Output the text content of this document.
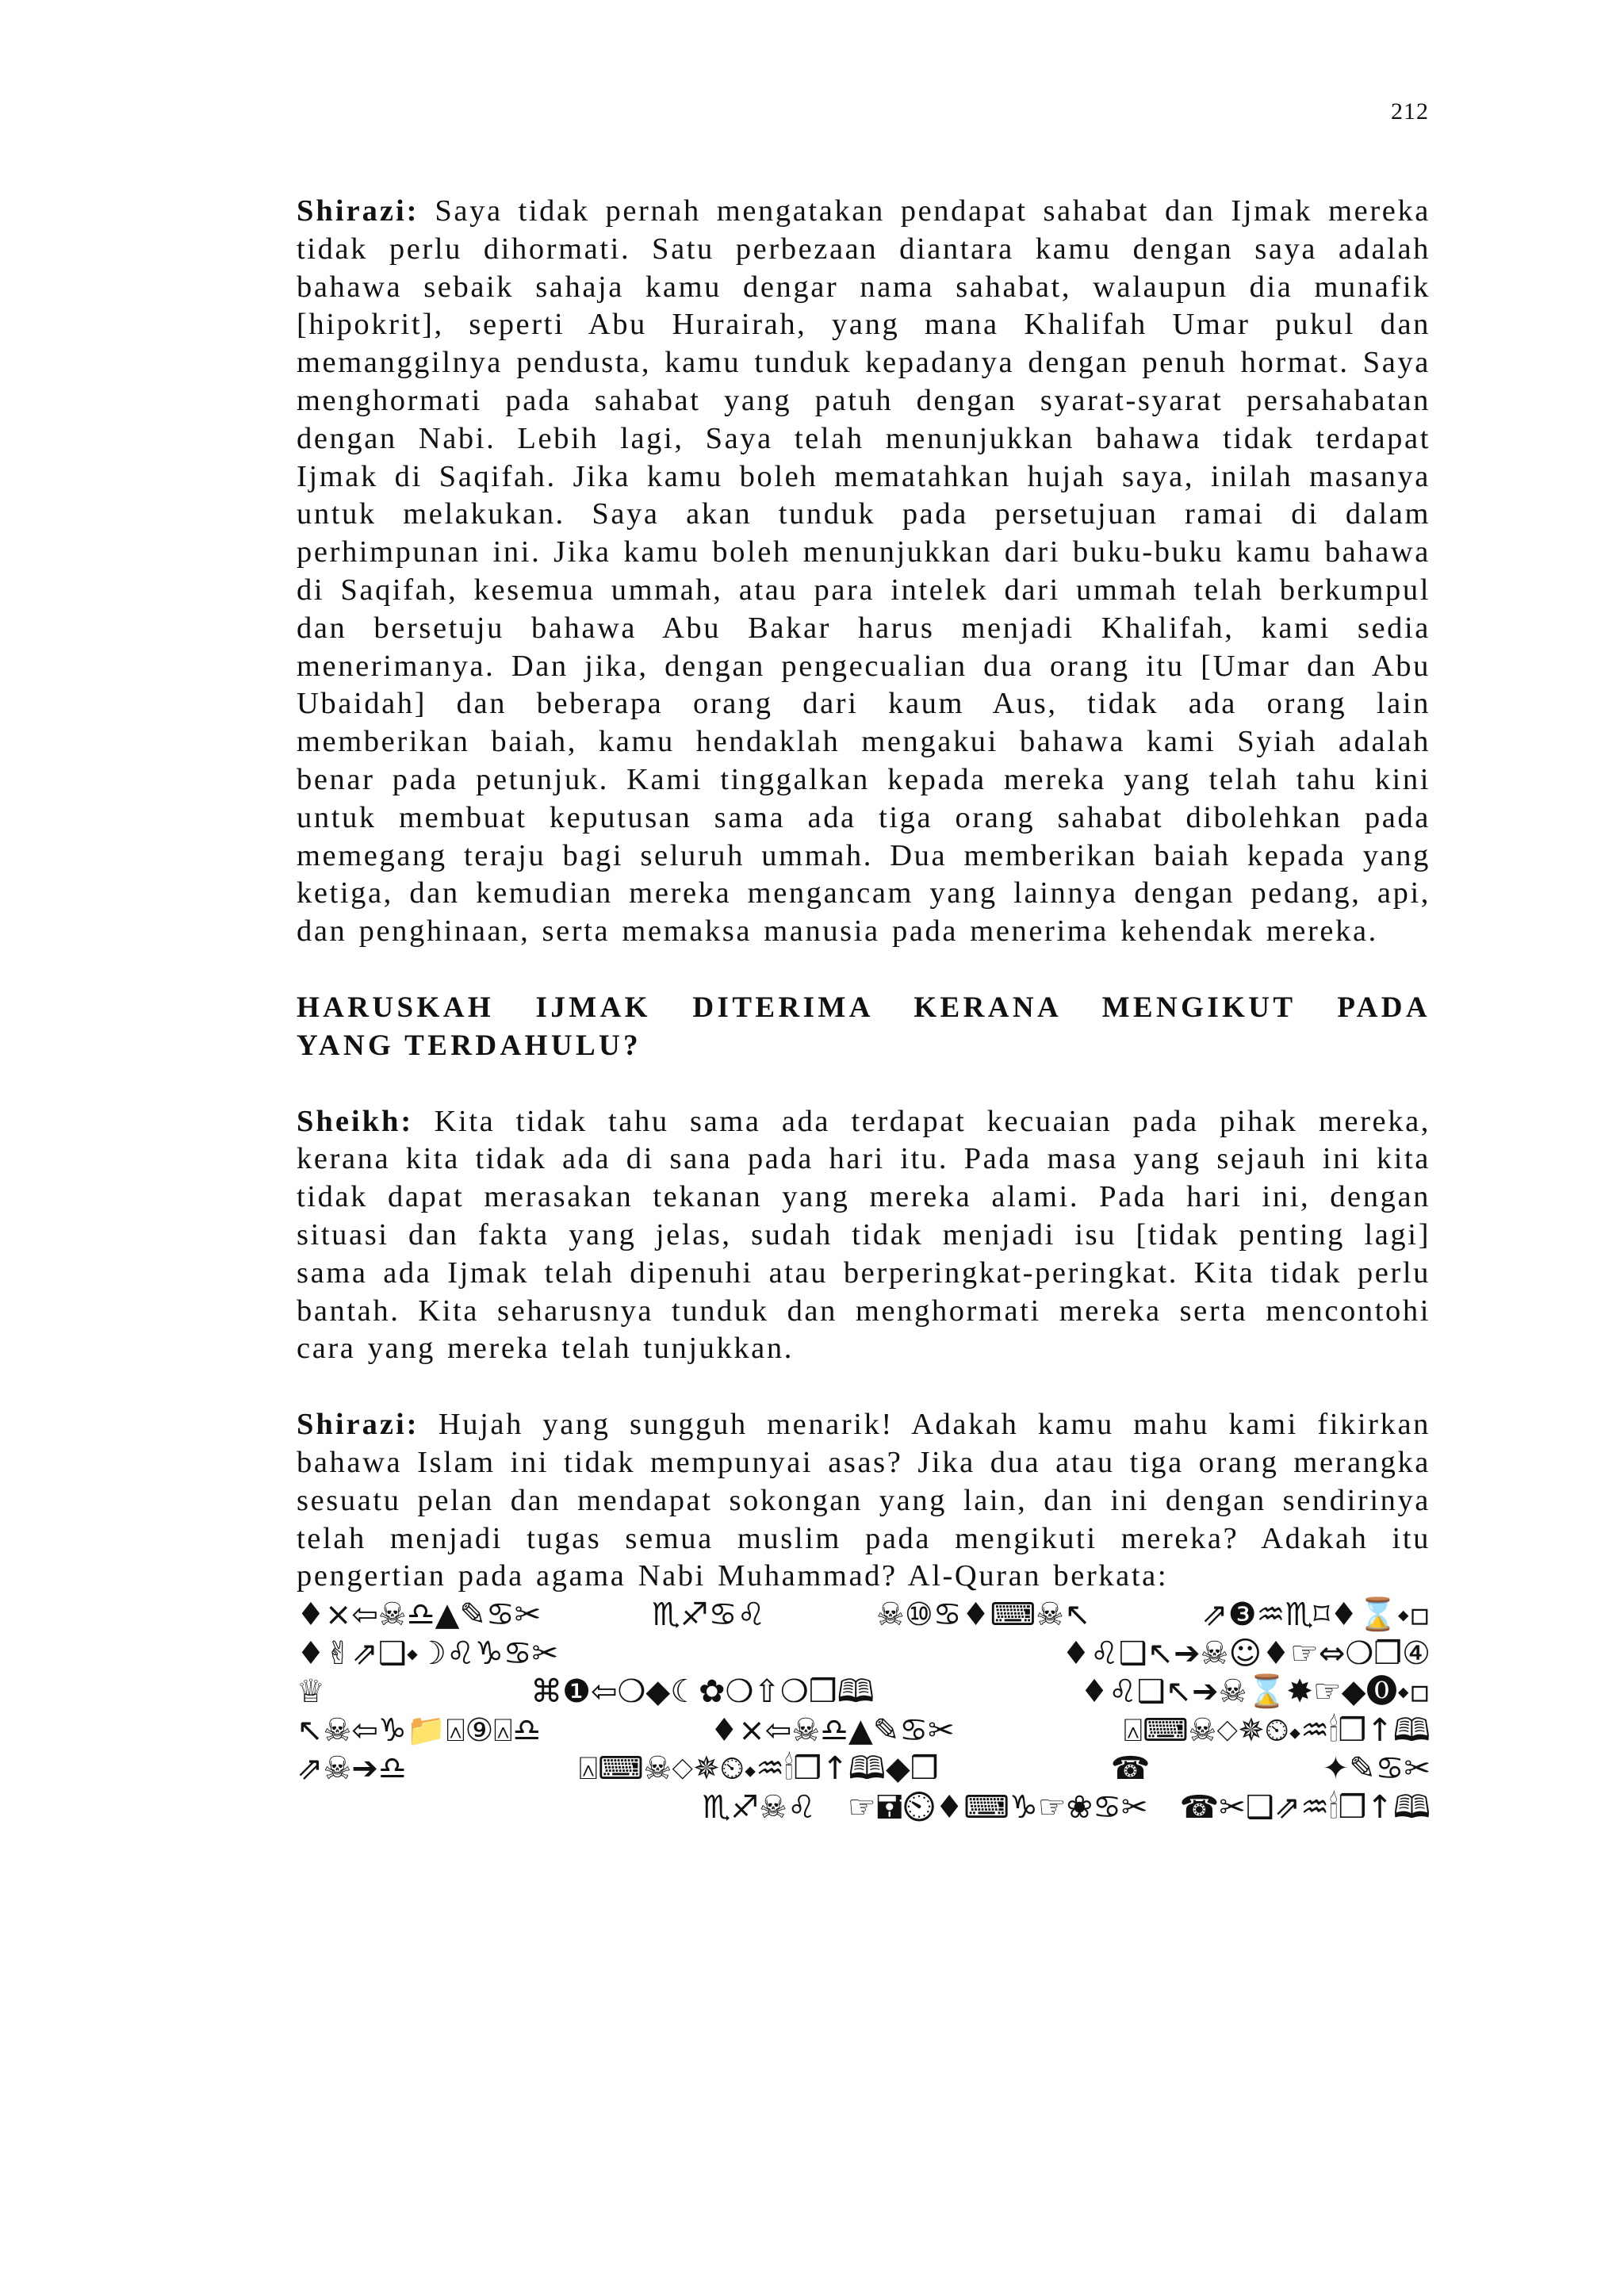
212

Shirazi: Saya tidak pernah mengatakan pendapat sahabat dan Ijmak mereka tidak perlu dihormati. Satu perbezaan diantara kamu dengan saya adalah bahawa sebaik sahaja kamu dengar nama sahabat, walaupun dia munafik [hipokrit], seperti Abu Hurairah, yang mana Khalifah Umar pukul dan memanggilnya pendusta, kamu tunduk kepadanya dengan penuh hormat. Saya menghormati pada sahabat yang patuh dengan syarat-syarat persahabatan dengan Nabi. Lebih lagi, Saya telah menunjukkan bahawa tidak terdapat Ijmak di Saqifah. Jika kamu boleh mematahkan hujah saya, inilah masanya untuk melakukan. Saya akan tunduk pada persetujuan ramai di dalam perhimpunan ini. Jika kamu boleh menunjukkan dari buku-buku kamu bahawa di Saqifah, kesemua ummah, atau para intelek dari ummah telah berkumpul dan bersetuju bahawa Abu Bakar harus menjadi Khalifah, kami sedia menerimanya. Dan jika, dengan pengecualian dua orang itu [Umar dan Abu Ubaidah] dan beberapa orang dari kaum Aus, tidak ada orang lain memberikan baiah, kamu hendaklah mengakui bahawa kami Syiah adalah benar pada petunjuk. Kami tinggalkan kepada mereka yang telah tahu kini untuk membuat keputusan sama ada tiga orang sahabat dibolehkan pada memegang teraju bagi seluruh ummah. Dua memberikan baiah kepada yang ketiga, dan kemudian mereka mengancam yang lainnya dengan pedang, api, dan penghinaan, serta memaksa manusia pada menerima kehendak mereka.

HARUSKAH IJMAK DITERIMA KERANA MENGIKUT PADA
YANG TERDAHULU?

Sheikh: Kita tidak tahu sama ada terdapat kecuaian pada pihak mereka, kerana kita tidak ada di sana pada hari itu. Pada masa yang sejauh ini kita tidak dapat merasakan tekanan yang mereka alami. Pada hari ini, dengan situasi dan fakta yang jelas, sudah tidak menjadi isu [tidak penting lagi] sama ada Ijmak telah dipenuhi atau berperingkat-peringkat. Kita tidak perlu bantah. Kita seharusnya tunduk dan menghormati mereka serta mencontohi cara yang mereka telah tunjukkan.

Shirazi: Hujah yang sungguh menarik! Adakah kamu mahu kami fikirkan bahawa Islam ini tidak mempunyai asas? Jika dua atau tiga orang merangka sesuatu pelan dan mendapat sokongan yang lain, dan ini dengan sendirinya telah menjadi tugas semua muslim pada mengikuti mereka? Adakah itu pengertian pada agama Nabi Muhammad? Al-Quran berkata:

♦×⇦☠♎▲✎♋✂	♏♐♋♌	☠⑩♋♦⌨☠↖	⇗❸♒♏⌑♦⌛⬩▫
♦✌⇗❑⬩☽♌♑♋✂	♦♌❑↖➔☠☺♦☞⇔❍❐④
♕	⌘❶⇦❍◆☾✿❍⇧❍❒🕮	♦♌❑↖➔☠⌛✸☞◆⓿⬩▫
↖☠⇦♑📁⍓⑨⍓♎	♦×⇦☠♎▲✎♋✂	⍓⌨☠⬦✵⏲⬩♒🕯❒↑🕮
⇗☠➔♎	⍓⌨☠⬦✵⏲⬩♒🕯❒↑🕮◆❒	☎	✦✎♋✂
♏♐☠♌ ☞🖬⏲♦⌨♑☞❀♋✂ ☎✂❑⇗♒🕯❒↑🕮
